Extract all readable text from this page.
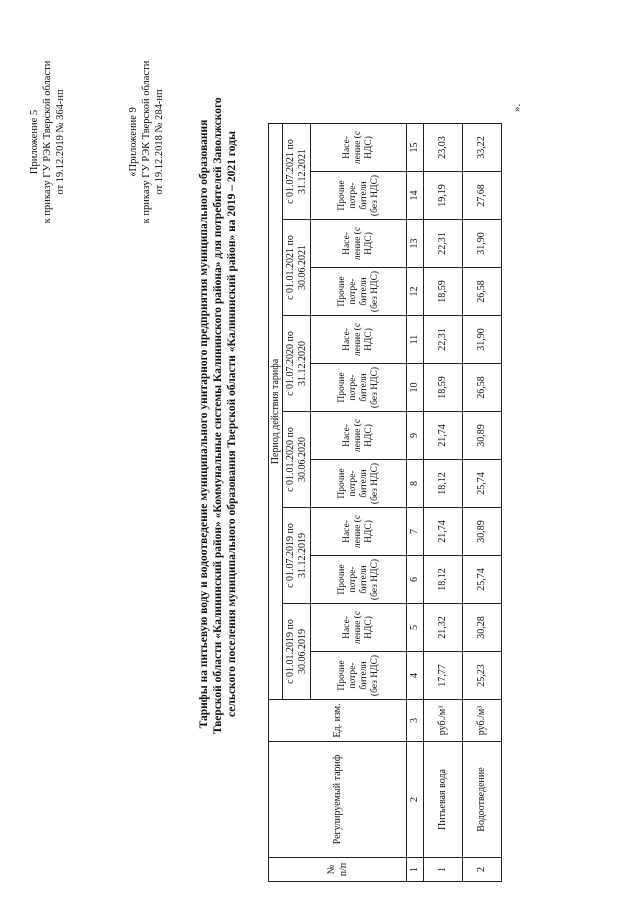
Приложение 5 к приказу ГУ РЭК Тверской области от 19.12.2019 № 364-нп	«Приложение 9 к приказу ГУ РЭК Тверской области от 19.12.2018 № 284-нп	Тарифы на питьевую воду и водоотведение муниципального унитарного предприятия муниципального образования Тверской области «Калининский район» «Коммунальные системы Калининского района» для потребителей Заволжского сельского поселения муниципального образования Тверской области «Калининский район» на 2019 – 2021 годы
№ п/п	Регулируемый тариф	Ед. изм.	Период действия тарифа											
			с 01.01.2019 по 30.06.2019		с 01.07.2019 по 31.12.2019		с 01.01.2020 по 30.06.2020		с 01.07.2020 по 31.12.2020		с 01.01.2021 по 30.06.2021		с 01.07.2021 по 31.12.2021	
			Прочие потре-бители (без НДС)	Насе-ление (с НДС)	Прочие потре-бители (без НДС)	Насе-ление (с НДС)	Прочие потре-бители (без НДС)	Насе-ление (с НДС)	Прочие потре-бители (без НДС)	Насе-ление (с НДС)	Прочие потре-бители (без НДС)	Насе-ление (с НДС)	Прочие потре-бители (без НДС)	Насе-ление (с НДС)
1	2	3	4	5	6	7	8	9	10	11	12	13	14	15
1	Питьевая вода	руб./м³	17,77	21,32	18,12	21,74	18,12	21,74	18,59	22,31	18,59	22,31	19,19	23,03
2	Водоотведение	руб./м³	25,23	30,28	25,74	30,89	25,74	30,89	26,58	31,90	26,58	31,90	27,68	33,22
».
